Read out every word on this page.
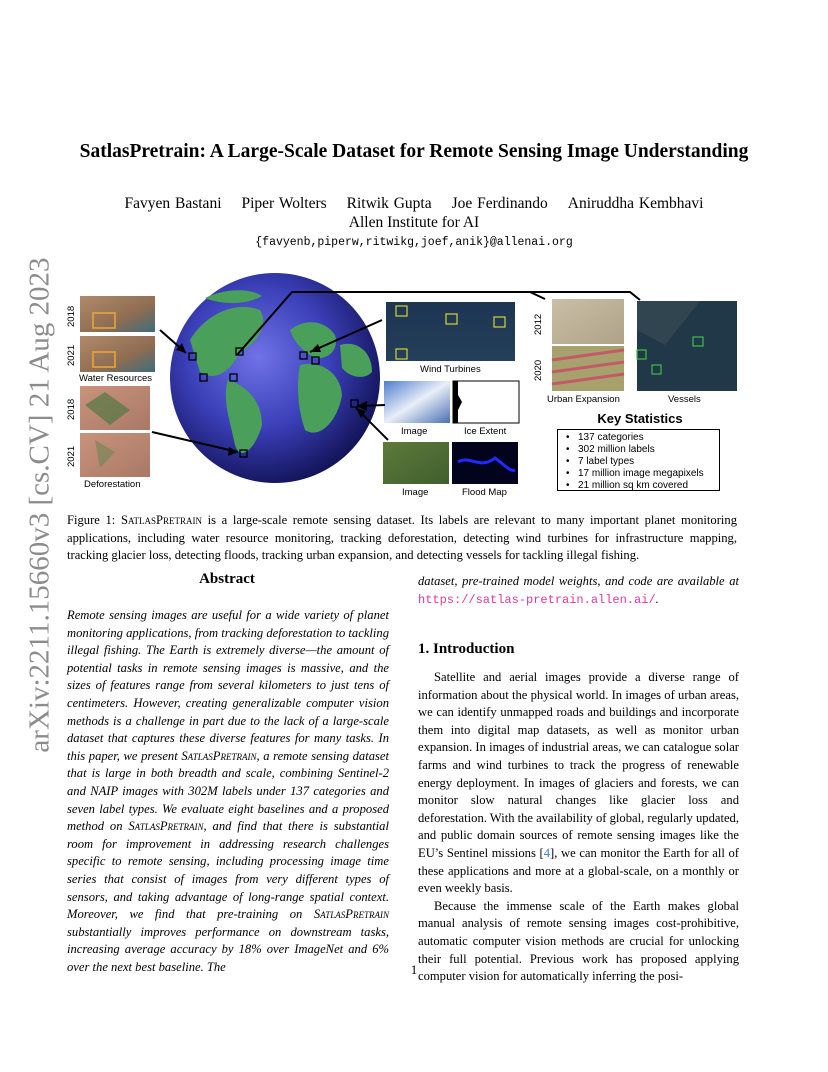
arXiv:2211.15660v3 [cs.CV] 21 Aug 2023
SatlasPretrain: A Large-Scale Dataset for Remote Sensing Image Understanding
Favyen Bastani Piper Wolters Ritwik Gupta Joe Ferdinando Aniruddha Kembhavi
Allen Institute for AI
{favyenb,piperw,ritwikg,joef,anik}@allenai.org
2018
2021
2018
2021
2012
2020
Water Resources
Deforestation
Wind Turbines
Urban Expansion	Vessels
Image	Ice Extent
Image	Flood Map
Key Statistics
• 137 categories
• 302 million labels
• 7 label types
• 17 million image megapixels
• 21 million sq km covered
Figure 1: SatlasPretrain is a large-scale remote sensing dataset. Its labels are relevant to many important planet monitoring applications, including water resource monitoring, tracking deforestation, detecting wind turbines for infrastructure mapping, tracking glacier loss, detecting floods, tracking urban expansion, and detecting vessels for tackling illegal fishing.
Abstract
Remote sensing images are useful for a wide variety of planet monitoring applications, from tracking deforestation to tackling illegal fishing. The Earth is extremely diverse—the amount of potential tasks in remote sensing images is massive, and the sizes of features range from several kilometers to just tens of centimeters. However, creating generalizable computer vision methods is a challenge in part due to the lack of a large-scale dataset that captures these diverse features for many tasks. In this paper, we present SatlasPretrain, a remote sensing dataset that is large in both breadth and scale, combining Sentinel-2 and NAIP images with 302M labels under 137 categories and seven label types. We evaluate eight baselines and a proposed method on SatlasPretrain, and find that there is substantial room for improvement in addressing research challenges specific to remote sensing, including processing image time series that consist of images from very different types of sensors, and taking advantage of long-range spatial context. Moreover, we find that pre-training on SatlasPretrain substantially improves performance on downstream tasks, increasing average accuracy by 18% over ImageNet and 6% over the next best baseline. The
dataset, pre-trained model weights, and code are available at https://satlas-pretrain.allen.ai/.
1. Introduction

Satellite and aerial images provide a diverse range of information about the physical world. In images of urban areas, we can identify unmapped roads and buildings and incorporate them into digital map datasets, as well as monitor urban expansion. In images of industrial areas, we can catalogue solar farms and wind turbines to track the progress of renewable energy deployment. In images of glaciers and forests, we can monitor slow natural changes like glacier loss and deforestation. With the availability of global, regularly updated, and public domain sources of remote sensing images like the EU’s Sentinel missions [4], we can monitor the Earth for all of these applications and more at a global-scale, on a monthly or even weekly basis.

Because the immense scale of the Earth makes global manual analysis of remote sensing images cost-prohibitive, automatic computer vision methods are crucial for unlocking their full potential. Previous work has proposed applying computer vision for automatically inferring the posi-

1
